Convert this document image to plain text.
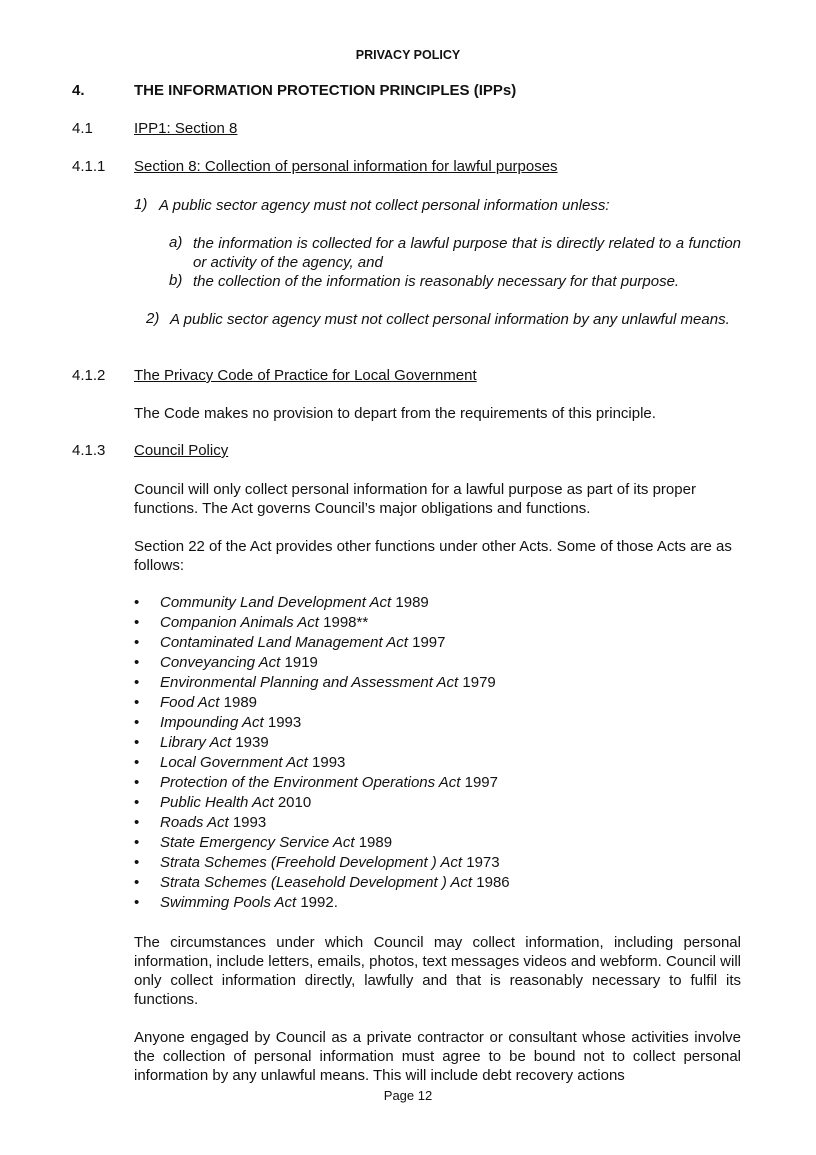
PRIVACY POLICY

4.	THE INFORMATION PROTECTION PRINCIPLES (IPPs)

4.1	IPP1: Section 8

4.1.1 Section 8: Collection of personal information for lawful purposes

1) A public sector agency must not collect personal information unless:

a) the information is collected for a lawful purpose that is directly related to a function or activity of the agency, and

b) the collection of the information is reasonably necessary for that purpose.

2) A public sector agency must not collect personal information by any unlawful means.

4.1.2 The Privacy Code of Practice for Local Government

The Code makes no provision to depart from the requirements of this principle.

4.1.3 Council Policy

Council will only collect personal information for a lawful purpose as part of its proper functions. The Act governs Council’s major obligations and functions.

Section 22 of the Act provides other functions under other Acts. Some of those Acts are as follows:

•	Community Land Development Act 1989
•	Companion Animals Act 1998**
•	Contaminated Land Management Act 1997
•	Conveyancing Act 1919
•	Environmental Planning and Assessment Act 1979
•	Food Act 1989
•	Impounding Act 1993
•	Library Act 1939
•	Local Government Act 1993
•	Protection of the Environment Operations Act 1997
•	Public Health Act 2010
•	Roads Act 1993
•	State Emergency Service Act 1989
•	Strata Schemes (Freehold Development ) Act 1973
•	Strata Schemes (Leasehold Development ) Act 1986
•	Swimming Pools Act 1992.

The circumstances under which Council may collect information, including personal information, include letters, emails, photos, text messages videos and webform. Council will only collect information directly, lawfully and that is reasonably necessary to fulfil its functions.

Anyone engaged by Council as a private contractor or consultant whose activities involve the collection of personal information must agree to be bound not to collect personal information by any unlawful means. This will include debt recovery actions

Page 12
